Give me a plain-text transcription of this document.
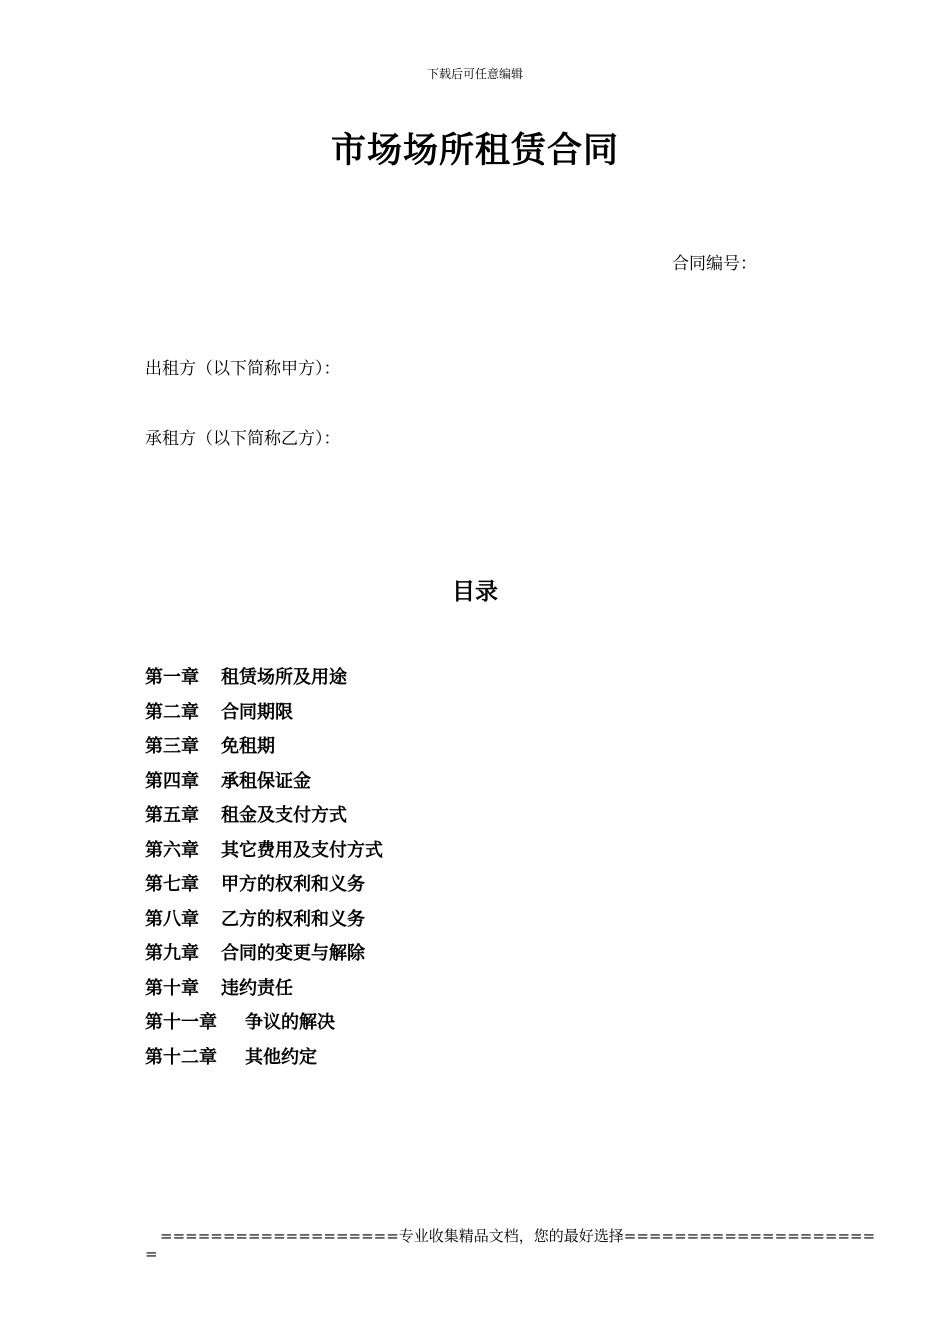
下载后可任意编辑
市场场所租赁合同
合同编号：
出租方（以下简称甲方）：
承租方（以下简称乙方）：
目录
第一章 租赁场所及用途
第二章 合同期限
第三章 免租期
第四章 承租保证金
第五章 租金及支付方式
第六章 其它费用及支付方式
第七章 甲方的权利和义务
第八章 乙方的权利和义务
第九章 合同的变更与解除
第十章 违约责任
第十一章 争议的解决
第十二章 其他约定
===================专业收集精品文档，您的最好选择====================
=
